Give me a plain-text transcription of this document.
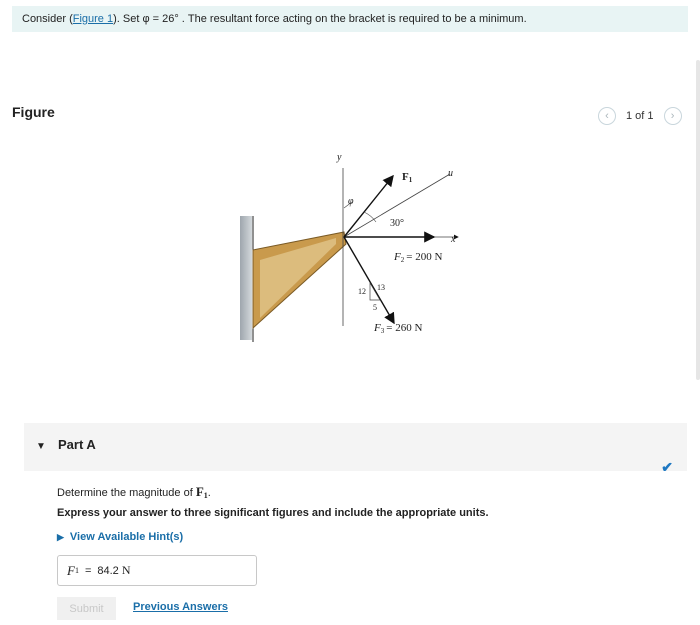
Consider (Figure 1). Set φ = 26° . The resultant force acting on the bracket is required to be a minimum.
Figure	‹	1 of 1	›
y
u
x
F1
φ
30°
F2 = 200 N
F3 = 260 N
12 13
5
▼ Part A
✔
Determine the magnitude of $F_1$.
Express your answer to three significant figures and include the appropriate units.
▶ View Available Hint(s)
F 1 = 84.2 N
Submit	Previous Answers
